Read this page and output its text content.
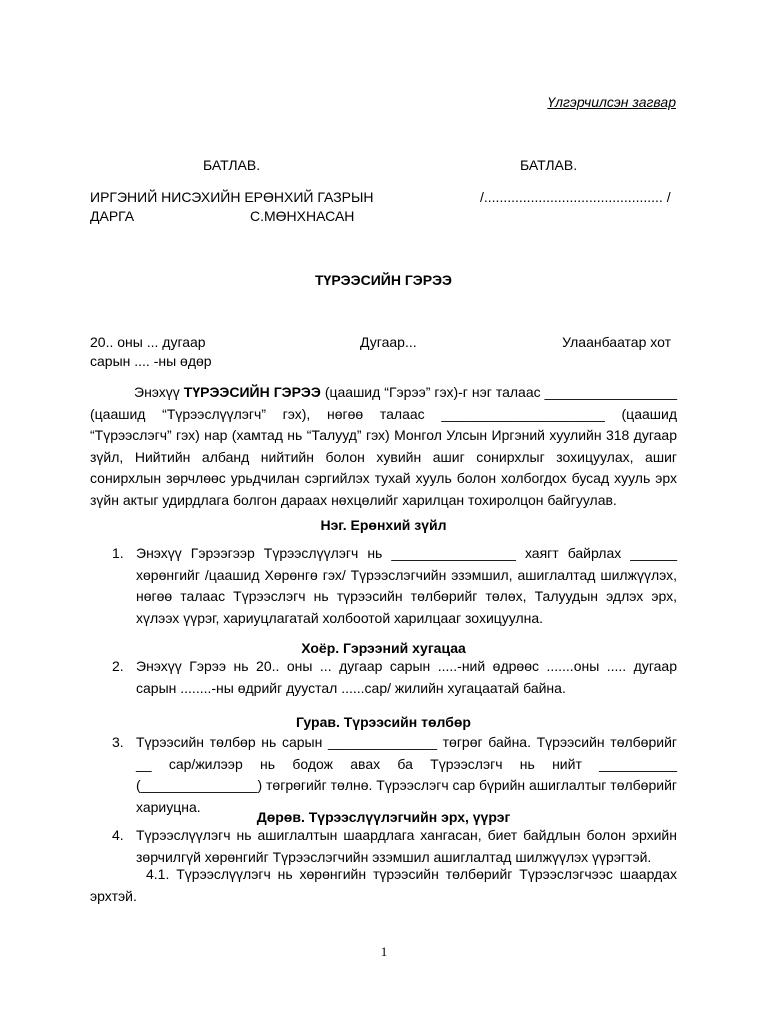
Үлгэрчилсэн загвар
БАТЛАВ.	БАТЛАВ.
ИРГЭНИЙ НИСЭХИЙН ЕРӨНХИЙ ГАЗРЫН	/.............................................. /
ДАРГА	С.МӨНХНАСАН
ТҮРЭЭСИЙН ГЭРЭЭ
20.. оны ... дугаар
сарын .... -ны өдөр
Дугаар...	Улаанбаатар хот

Энэхүү ТҮРЭЭСИЙН ГЭРЭЭ (цаашид “Гэрээ” гэх)-г нэг талаас _________________ (цаашид “Түрээслүүлэгч” гэх), нөгөө талаас _____________________ (цаашид “Түрээслэгч” гэх) нар (хамтад нь “Талууд” гэх) Монгол Улсын Иргэний хуулийн 318 дугаар зүйл, Нийтийн албанд нийтийн болон хувийн ашиг сонирхлыг зохицуулах, ашиг сонирхлын зөрчлөөс урьдчилан сэргийлэх тухай хууль болон холбогдох бусад хууль эрх зүйн актыг удирдлага болгон дараах нөхцөлийг харилцан тохиролцон байгуулав.

Нэг. Ерөнхий зүйл
1. Энэхүү Гэрээгээр Түрээслүүлэгч нь ________________ хаягт байрлах ______ хөрөнгийг /цаашид Хөрөнгө гэх/ Түрээслэгчийн эзэмшил, ашиглалтад шилжүүлэх, нөгөө талаас Түрээслэгч нь түрээсийн төлбөрийг төлөх, Талуудын эдлэх эрх, хүлээх үүрэг, хариуцлагатай холбоотой харилцааг зохицуулна.

Хоёр. Гэрээний хугацаа
2. Энэхүү Гэрээ нь 20.. оны ... дугаар сарын .....-ний өдрөөс .......оны ..... дугаар сарын ........-ны өдрийг дуустал ......сар/ жилийн хугацаатай байна.

Гурав. Түрээсийн төлбөр
3. Түрээсийн төлбөр нь сарын ______________ төгрөг байна. Түрээсийн төлбөрийг __ сар/жилээр нь бодож авах ба Түрээслэгч нь нийт __________ (_______________) төгрөгийг төлнө. Түрээслэгч сар бүрийн ашиглалтыг төлбөрийг хариуцна.

Дөрөв. Түрээслүүлэгчийн эрх, үүрэг
4. Түрээслүүлэгч нь ашиглалтын шаардлага хангасан, биет байдлын болон эрхийн зөрчилгүй хөрөнгийг Түрээслэгчийн эзэмшил ашиглалтад шилжүүлэх үүрэгтэй.

4.1. Түрээслүүлэгч нь хөрөнгийн түрээсийн төлбөрийг Түрээслэгчээс шаардах эрхтэй.

1
